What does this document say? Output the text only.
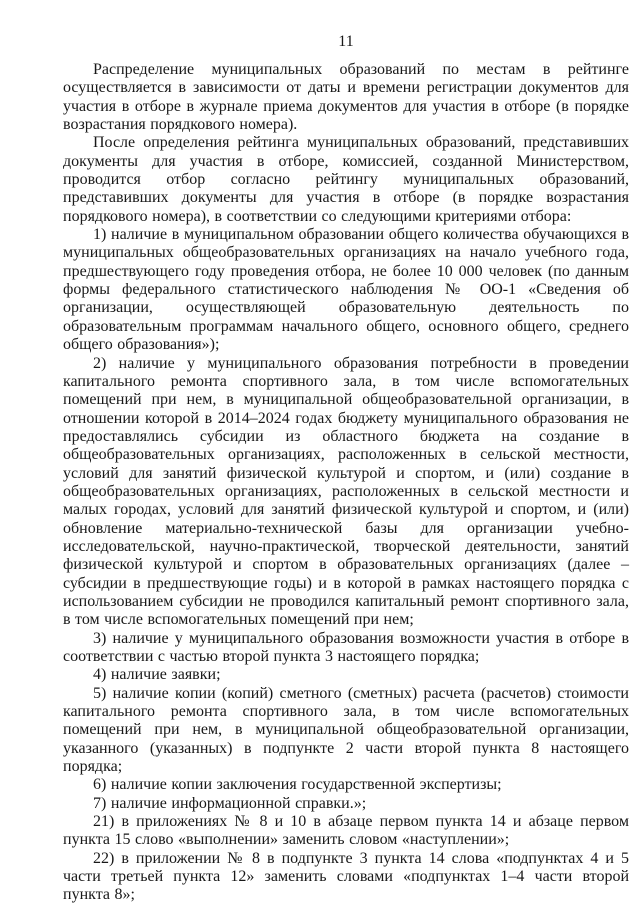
11

Распределение муниципальных образований по местам в рейтинге осуществляется в зависимости от даты и времени регистрации документов для участия в отборе в журнале приема документов для участия в отборе (в порядке возрастания порядкового номера).

После определения рейтинга муниципальных образований, представивших документы для участия в отборе, комиссией, созданной Министерством, проводится отбор согласно рейтингу муниципальных образований, представивших документы для участия в отборе (в порядке возрастания порядкового номера), в соответствии со следующими критериями отбора:

1) наличие в муниципальном образовании общего количества обучающихся в муниципальных общеобразовательных организациях на начало учебного года, предшествующего году проведения отбора, не более 10 000 человек (по данным формы федерального статистического наблюдения № ОО-1 «Сведения об организации, осуществляющей образовательную деятельность по образовательным программам начального общего, основного общего, среднего общего образования»);

2) наличие у муниципального образования потребности в проведении капитального ремонта спортивного зала, в том числе вспомогательных помещений при нем, в муниципальной общеобразовательной организации, в отношении которой в 2014–2024 годах бюджету муниципального образования не предоставлялись субсидии из областного бюджета на создание в общеобразовательных организациях, расположенных в сельской местности, условий для занятий физической культурой и спортом, и (или) создание в общеобразовательных организациях, расположенных в сельской местности и малых городах, условий для занятий физической культурой и спортом, и (или) обновление материально-технической базы для организации учебно-исследовательской, научно-практической, творческой деятельности, занятий физической культурой и спортом в образовательных организациях (далее – субсидии в предшествующие годы) и в которой в рамках настоящего порядка с использованием субсидии не проводился капитальный ремонт спортивного зала, в том числе вспомогательных помещений при нем;

3) наличие у муниципального образования возможности участия в отборе в соответствии с частью второй пункта 3 настоящего порядка;

4) наличие заявки;

5) наличие копии (копий) сметного (сметных) расчета (расчетов) стоимости капитального ремонта спортивного зала, в том числе вспомогательных помещений при нем, в муниципальной общеобразовательной организации, указанного (указанных) в подпункте 2 части второй пункта 8 настоящего порядка;

6) наличие копии заключения государственной экспертизы;

7) наличие информационной справки.»;

21) в приложениях № 8 и 10 в абзаце первом пункта 14 и абзаце первом пункта 15 слово «выполнении» заменить словом «наступлении»;

22) в приложении № 8 в подпункте 3 пункта 14 слова «подпунктах 4 и 5 части третьей пункта 12» заменить словами «подпунктах 1–4 части второй пункта 8»;
